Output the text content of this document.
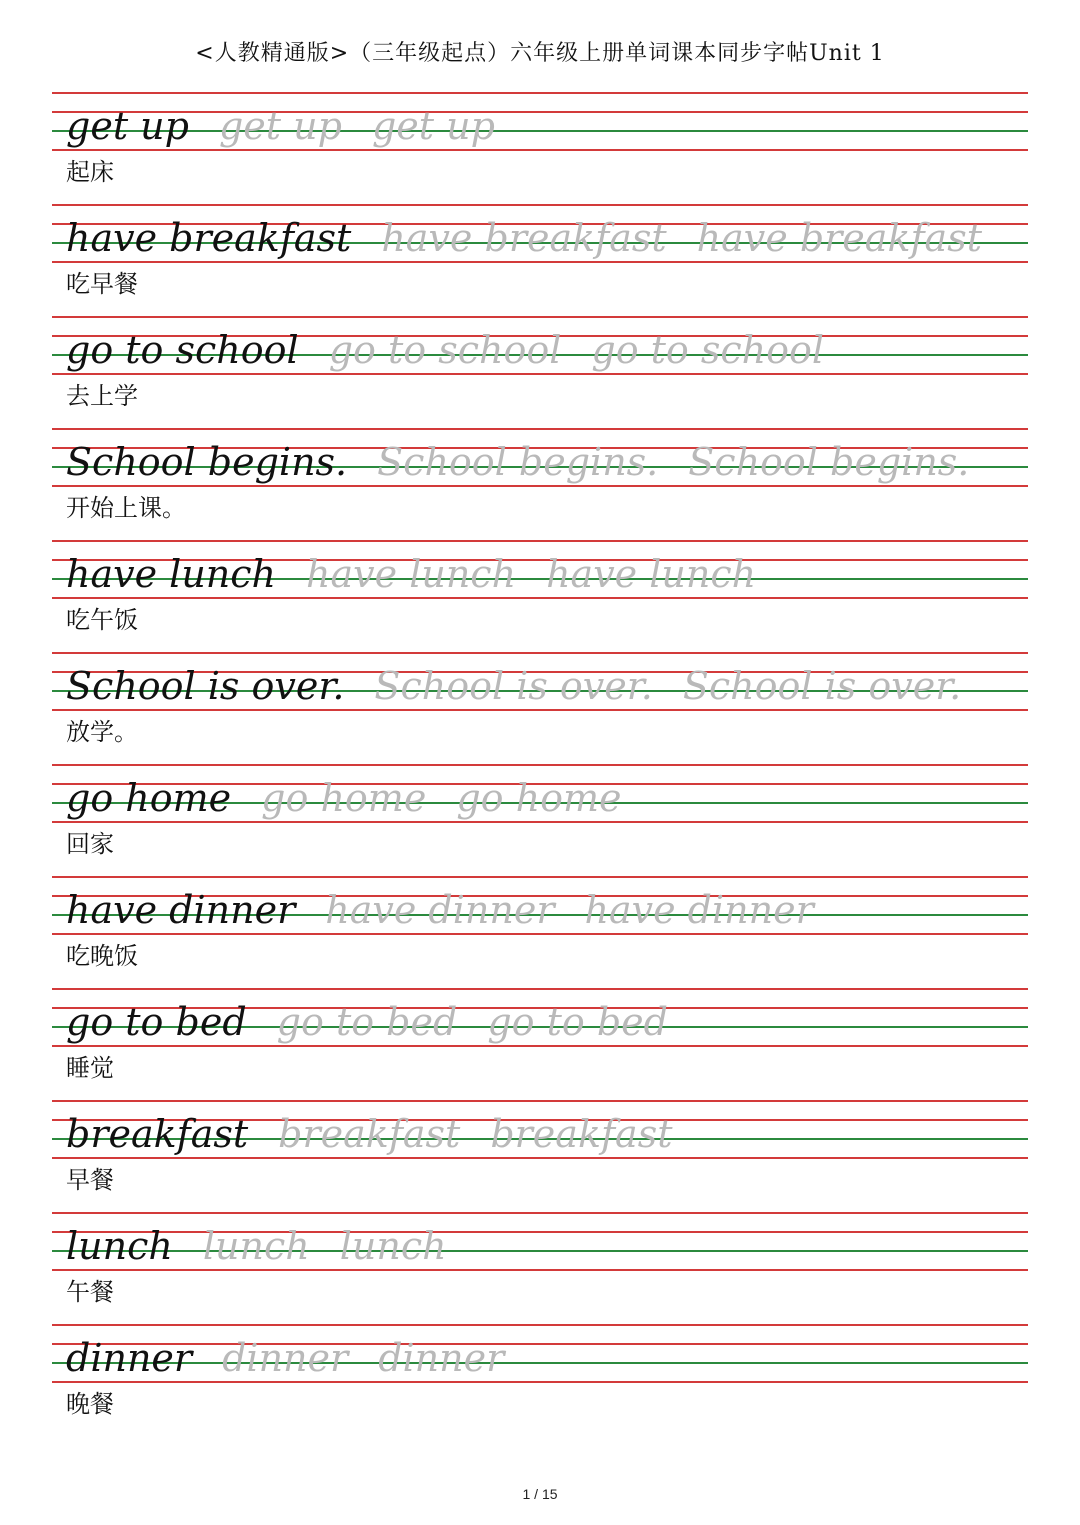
<人教精通版>（三年级起点）六年级上册单词课本同步字帖Unit 1
get up get up get up
起床
have breakfast have breakfast have breakfast
吃早餐
go to school go to school go to school
去上学
School begins. School begins. School begins.
开始上课。
have lunch have lunch have lunch
吃午饭
School is over. School is over. School is over.
放学。
go home go home go home
回家
have dinner have dinner have dinner
吃晚饭
go to bed go to bed go to bed
睡觉
breakfast breakfast breakfast
早餐
lunch lunch lunch
午餐
dinner dinner dinner
晚餐
1 / 15
